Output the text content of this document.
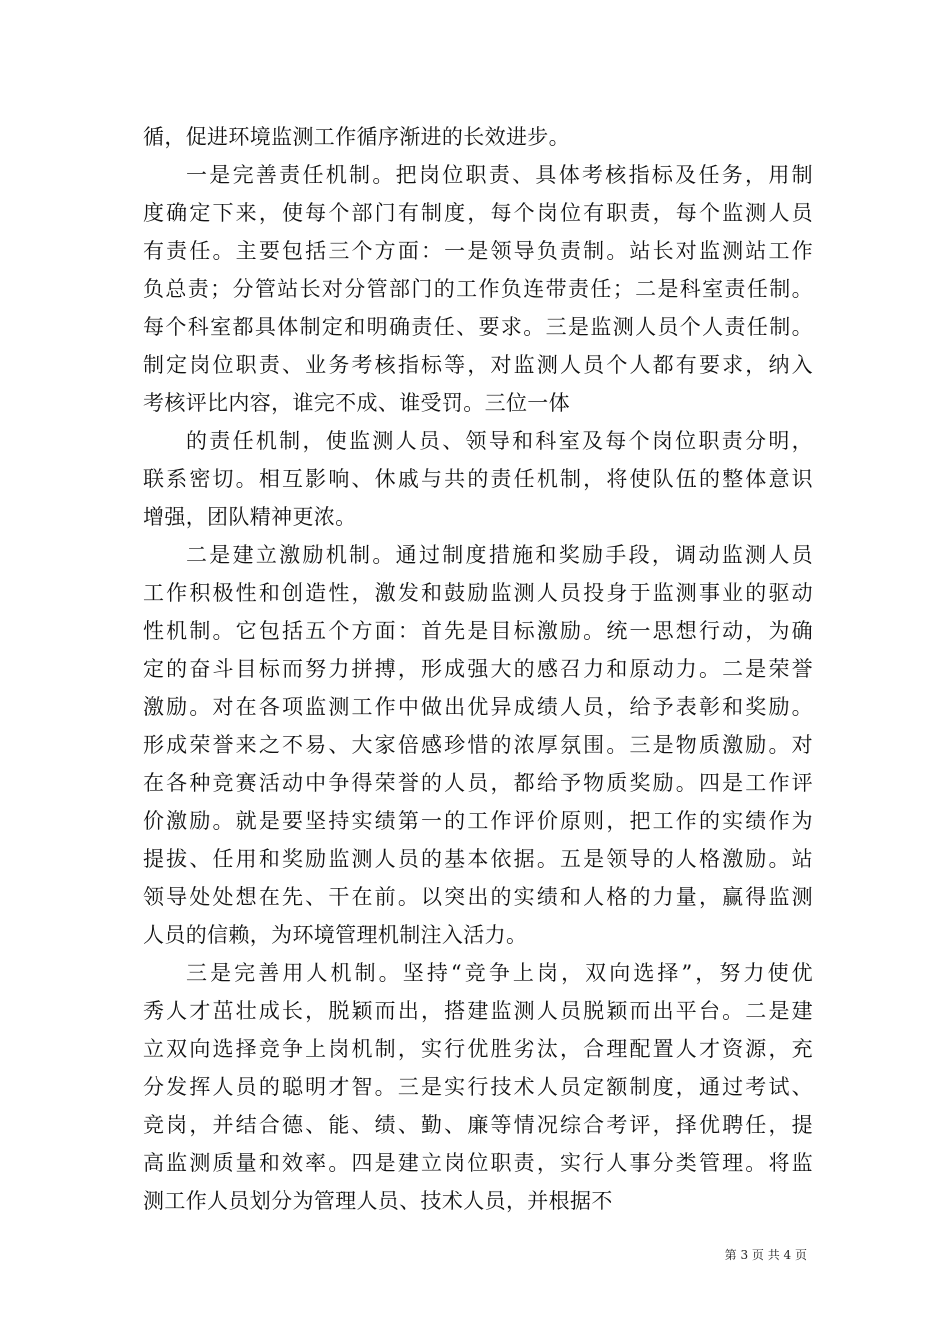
循，促进环境监测工作循序渐进的长效进步。
一是完善责任机制。把岗位职责、具体考核指标及任务，用制
度确定下来，使每个部门有制度，每个岗位有职责，每个监测人员
有责任。主要包括三个方面：一是领导负责制。站长对监测站工作
负总责；分管站长对分管部门的工作负连带责任；二是科室责任制。
每个科室都具体制定和明确责任、要求。三是监测人员个人责任制。
制定岗位职责、业务考核指标等，对监测人员个人都有要求，纳入
考核评比内容，谁完不成、谁受罚。三位一体
的责任机制，使监测人员、领导和科室及每个岗位职责分明，
联系密切。相互影响、休戚与共的责任机制，将使队伍的整体意识
增强，团队精神更浓。
二是建立激励机制。通过制度措施和奖励手段，调动监测人员
工作积极性和创造性，激发和鼓励监测人员投身于监测事业的驱动
性机制。它包括五个方面：首先是目标激励。统一思想行动，为确
定的奋斗目标而努力拼搏，形成强大的感召力和原动力。二是荣誉
激励。对在各项监测工作中做出优异成绩人员，给予表彰和奖励。
形成荣誉来之不易、大家倍感珍惜的浓厚氛围。三是物质激励。对
在各种竞赛活动中争得荣誉的人员，都给予物质奖励。四是工作评
价激励。就是要坚持实绩第一的工作评价原则，把工作的实绩作为
提拔、任用和奖励监测人员的基本依据。五是领导的人格激励。站
领导处处想在先、干在前。以突出的实绩和人格的力量，赢得监测
人员的信赖，为环境管理机制注入活力。
三是完善用人机制。坚持“竞争上岗，双向选择”，努力使优
秀人才茁壮成长，脱颖而出，搭建监测人员脱颖而出平台。二是建
立双向选择竞争上岗机制，实行优胜劣汰，合理配置人才资源，充
分发挥人员的聪明才智。三是实行技术人员定额制度，通过考试、
竞岗，并结合德、能、绩、勤、廉等情况综合考评，择优聘任，提
高监测质量和效率。四是建立岗位职责，实行人事分类管理。将监
测工作人员划分为管理人员、技术人员，并根据不
第 3 页 共 4 页
